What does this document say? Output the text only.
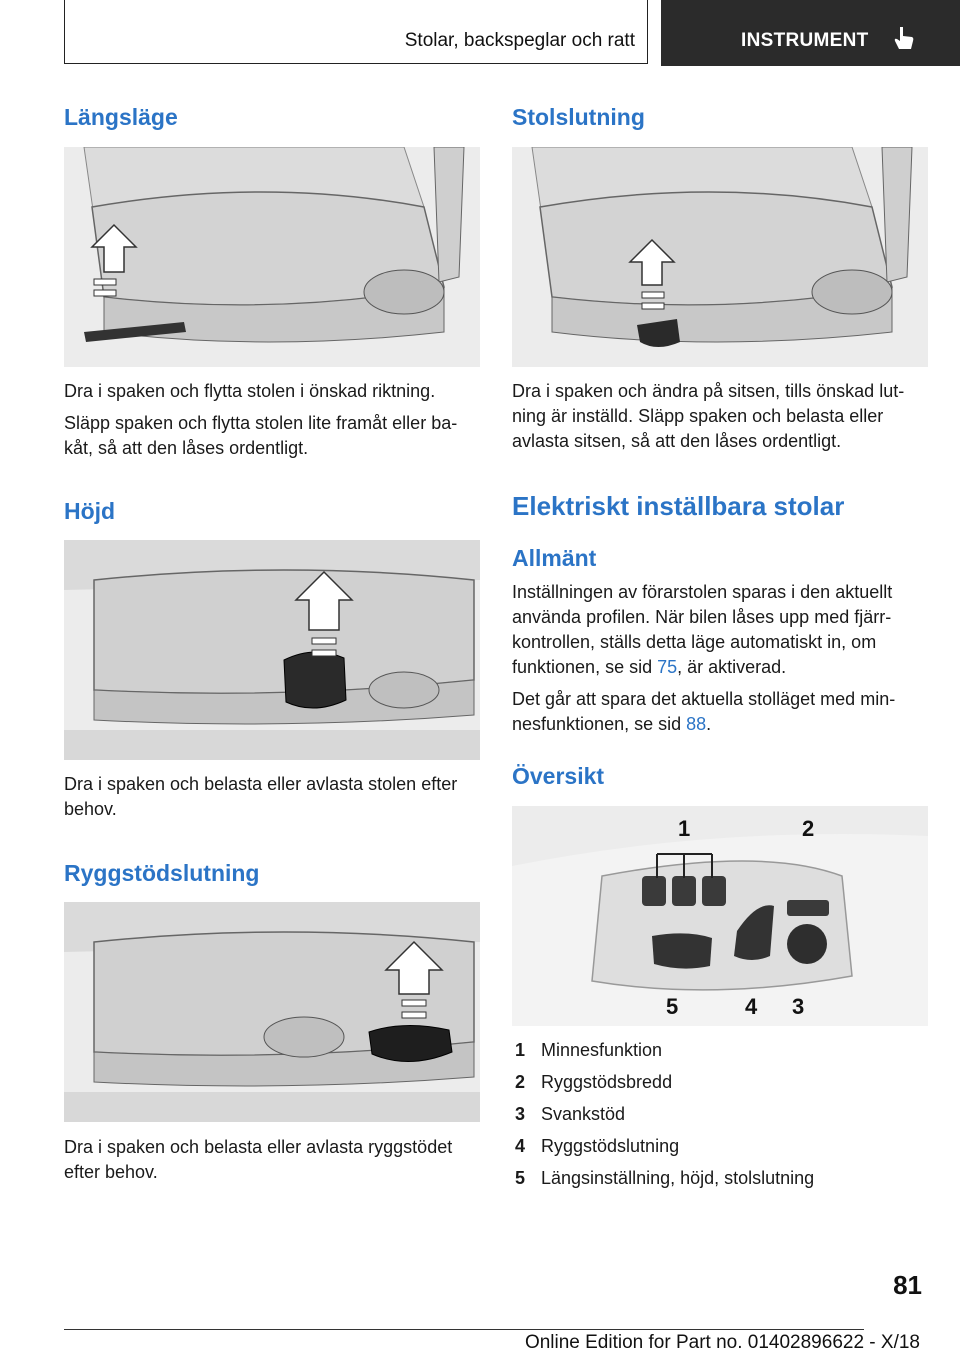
Stolar, backspeglar och ratt	INSTRUMENT
Längsläge

Dra i spaken och flytta stolen i önskad riktning.

Släpp spaken och flytta stolen lite framåt eller ba-

kåt, så att den låses ordentligt.

Höjd

Dra i spaken och belasta eller avlasta stolen efter

behov.

Ryggstödslutning

Dra i spaken och belasta eller avlasta ryggstödet

efter behov.

Stolslutning

Dra i spaken och ändra på sitsen, tills önskad lut-

ning är inställd. Släpp spaken och belasta eller

avlasta sitsen, så att den låses ordentligt.

Elektriskt inställbara stolar
Allmänt

Inställningen av förarstolen sparas i den aktuellt

använda profilen. När bilen låses upp med fjärr-

kontrollen, ställs detta läge automatiskt in, om

funktionen, se sid 75, är aktiverad.

Det går att spara det aktuella stolläget med min-

nesfunktionen, se sid 88.

Översikt
1	2
3
4
5
1 Minnesfunktion
2 Ryggstödsbredd
3 Svankstöd
4 Ryggstödslutning
5 Längsinställning, höjd, stolslutning
81
Online Edition for Part no. 01402896622 - X/18
